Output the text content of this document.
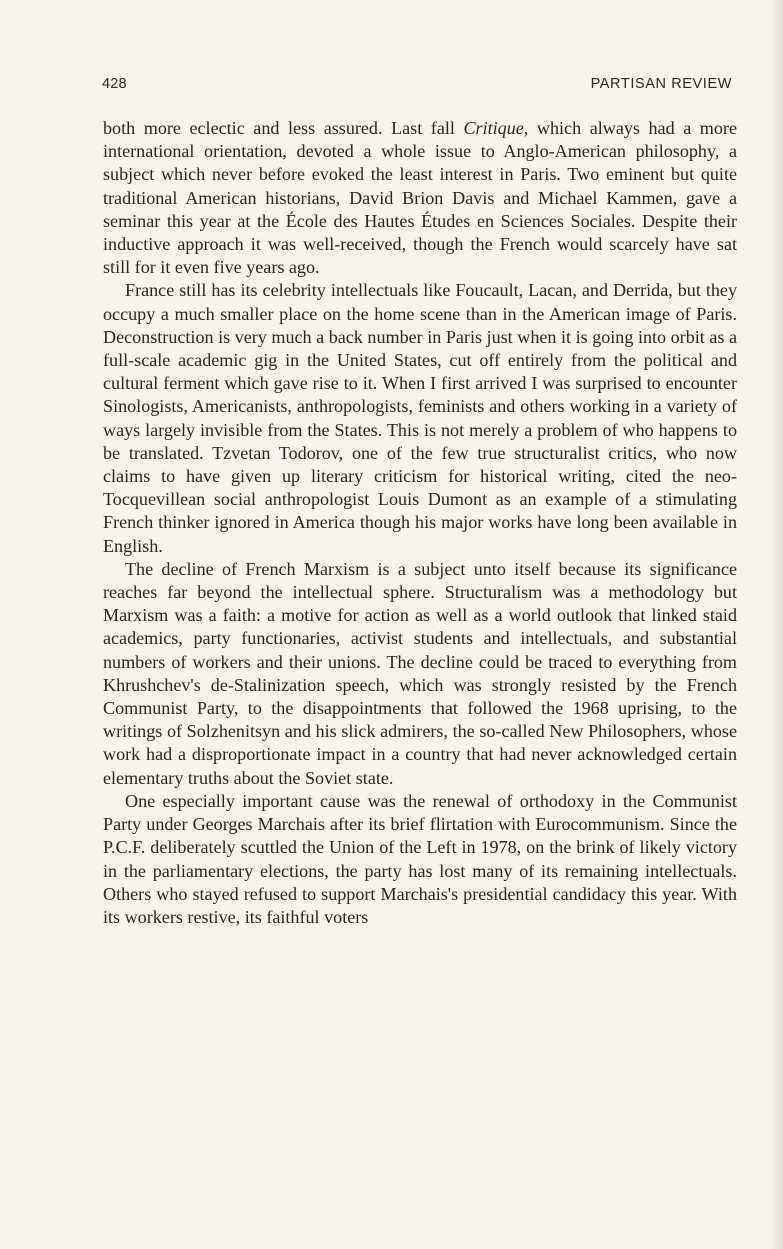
428	PARTISAN REVIEW

both more eclectic and less assured. Last fall Critique, which always had a more international orientation, devoted a whole issue to Anglo-American philosophy, a subject which never before evoked the least interest in Paris. Two eminent but quite traditional American historians, David Brion Davis and Michael Kammen, gave a seminar this year at the École des Hautes Études en Sciences Sociales. Despite their inductive approach it was well-received, though the French would scarcely have sat still for it even five years ago.

France still has its celebrity intellectuals like Foucault, Lacan, and Derrida, but they occupy a much smaller place on the home scene than in the American image of Paris. Deconstruction is very much a back number in Paris just when it is going into orbit as a full-scale academic gig in the United States, cut off entirely from the political and cultural ferment which gave rise to it. When I first arrived I was surprised to encounter Sinologists, Americanists, anthropologists, feminists and others working in a variety of ways largely invisible from the States. This is not merely a problem of who happens to be translated. Tzvetan Todorov, one of the few true structuralist critics, who now claims to have given up literary criticism for historical writing, cited the neo-Tocquevillean social anthropologist Louis Dumont as an example of a stimulating French thinker ignored in America though his major works have long been available in English.

The decline of French Marxism is a subject unto itself because its significance reaches far beyond the intellectual sphere. Structuralism was a methodology but Marxism was a faith: a motive for action as well as a world outlook that linked staid academics, party functionaries, activist students and intellectuals, and substantial numbers of workers and their unions. The decline could be traced to everything from Khrushchev's de-Stalinization speech, which was strongly resisted by the French Communist Party, to the disappointments that followed the 1968 uprising, to the writings of Solzhenitsyn and his slick admirers, the so-called New Philosophers, whose work had a disproportionate impact in a country that had never acknowledged certain elementary truths about the Soviet state.

One especially important cause was the renewal of orthodoxy in the Communist Party under Georges Marchais after its brief flirtation with Eurocommunism. Since the P.C.F. deliberately scuttled the Union of the Left in 1978, on the brink of likely victory in the parliamentary elections, the party has lost many of its remaining intellectuals. Others who stayed refused to support Marchais's presidential candidacy this year. With its workers restive, its faithful voters
